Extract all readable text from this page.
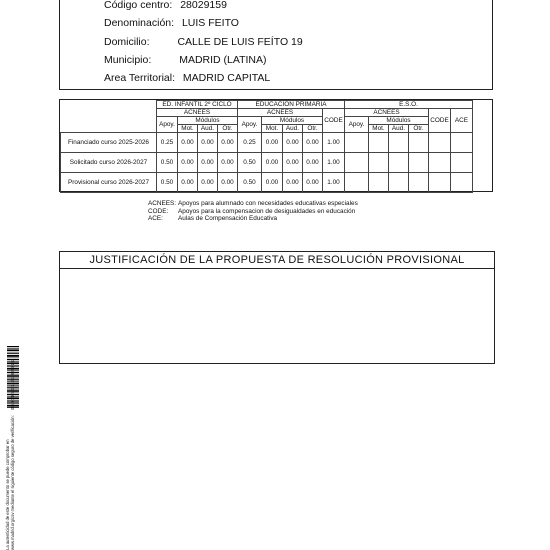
Código centro: 28029159
Denominación: LUIS FEITO
Domicilio:	CALLE DE LUIS FEÍTO 19
Municipio:	MADRID (LATINA)
Area Territorial: MADRID CAPITAL
	ED. INFANTIL 2º CICLO				EDUCACIÓN PRIMARIA					E.S.O.					
	ACNEES				ACNEES				CODE	ACNEES				CODE	ACE
	Apoy.	Módulos			Apoy.	Módulos				Apoy.	Módulos				
		Mot.	Aud.	Otr.		Mot.	Aud.	Otr.			Mot.	Aud.	Otr.		
Financiado curso 2025-2026	0.25	0.00	0.00	0.00	0.25	0.00	0.00	0.00	1.00						
Solicitado curso 2026-2027	0.50	0.00	0.00	0.00	0.50	0.00	0.00	0.00	1.00						
Provisional curso 2026-2027	0.50	0.00	0.00	0.00	0.50	0.00	0.00	0.00	1.00						
ACNEES: Apoyos para alumnado con necesidades educativas especiales
CODE: Apoyos para la compensacion de desigualdades en educación
ACE: Aulas de Compensación Educativa
JUSTIFICACIÓN DE LA PROPUESTA DE RESOLUCIÓN PROVISIONAL
La autenticidad de este documento se puede comprobar en www.madrid.org/csv mediante el siguiente código seguro de verificación: 0949046503162330690163
